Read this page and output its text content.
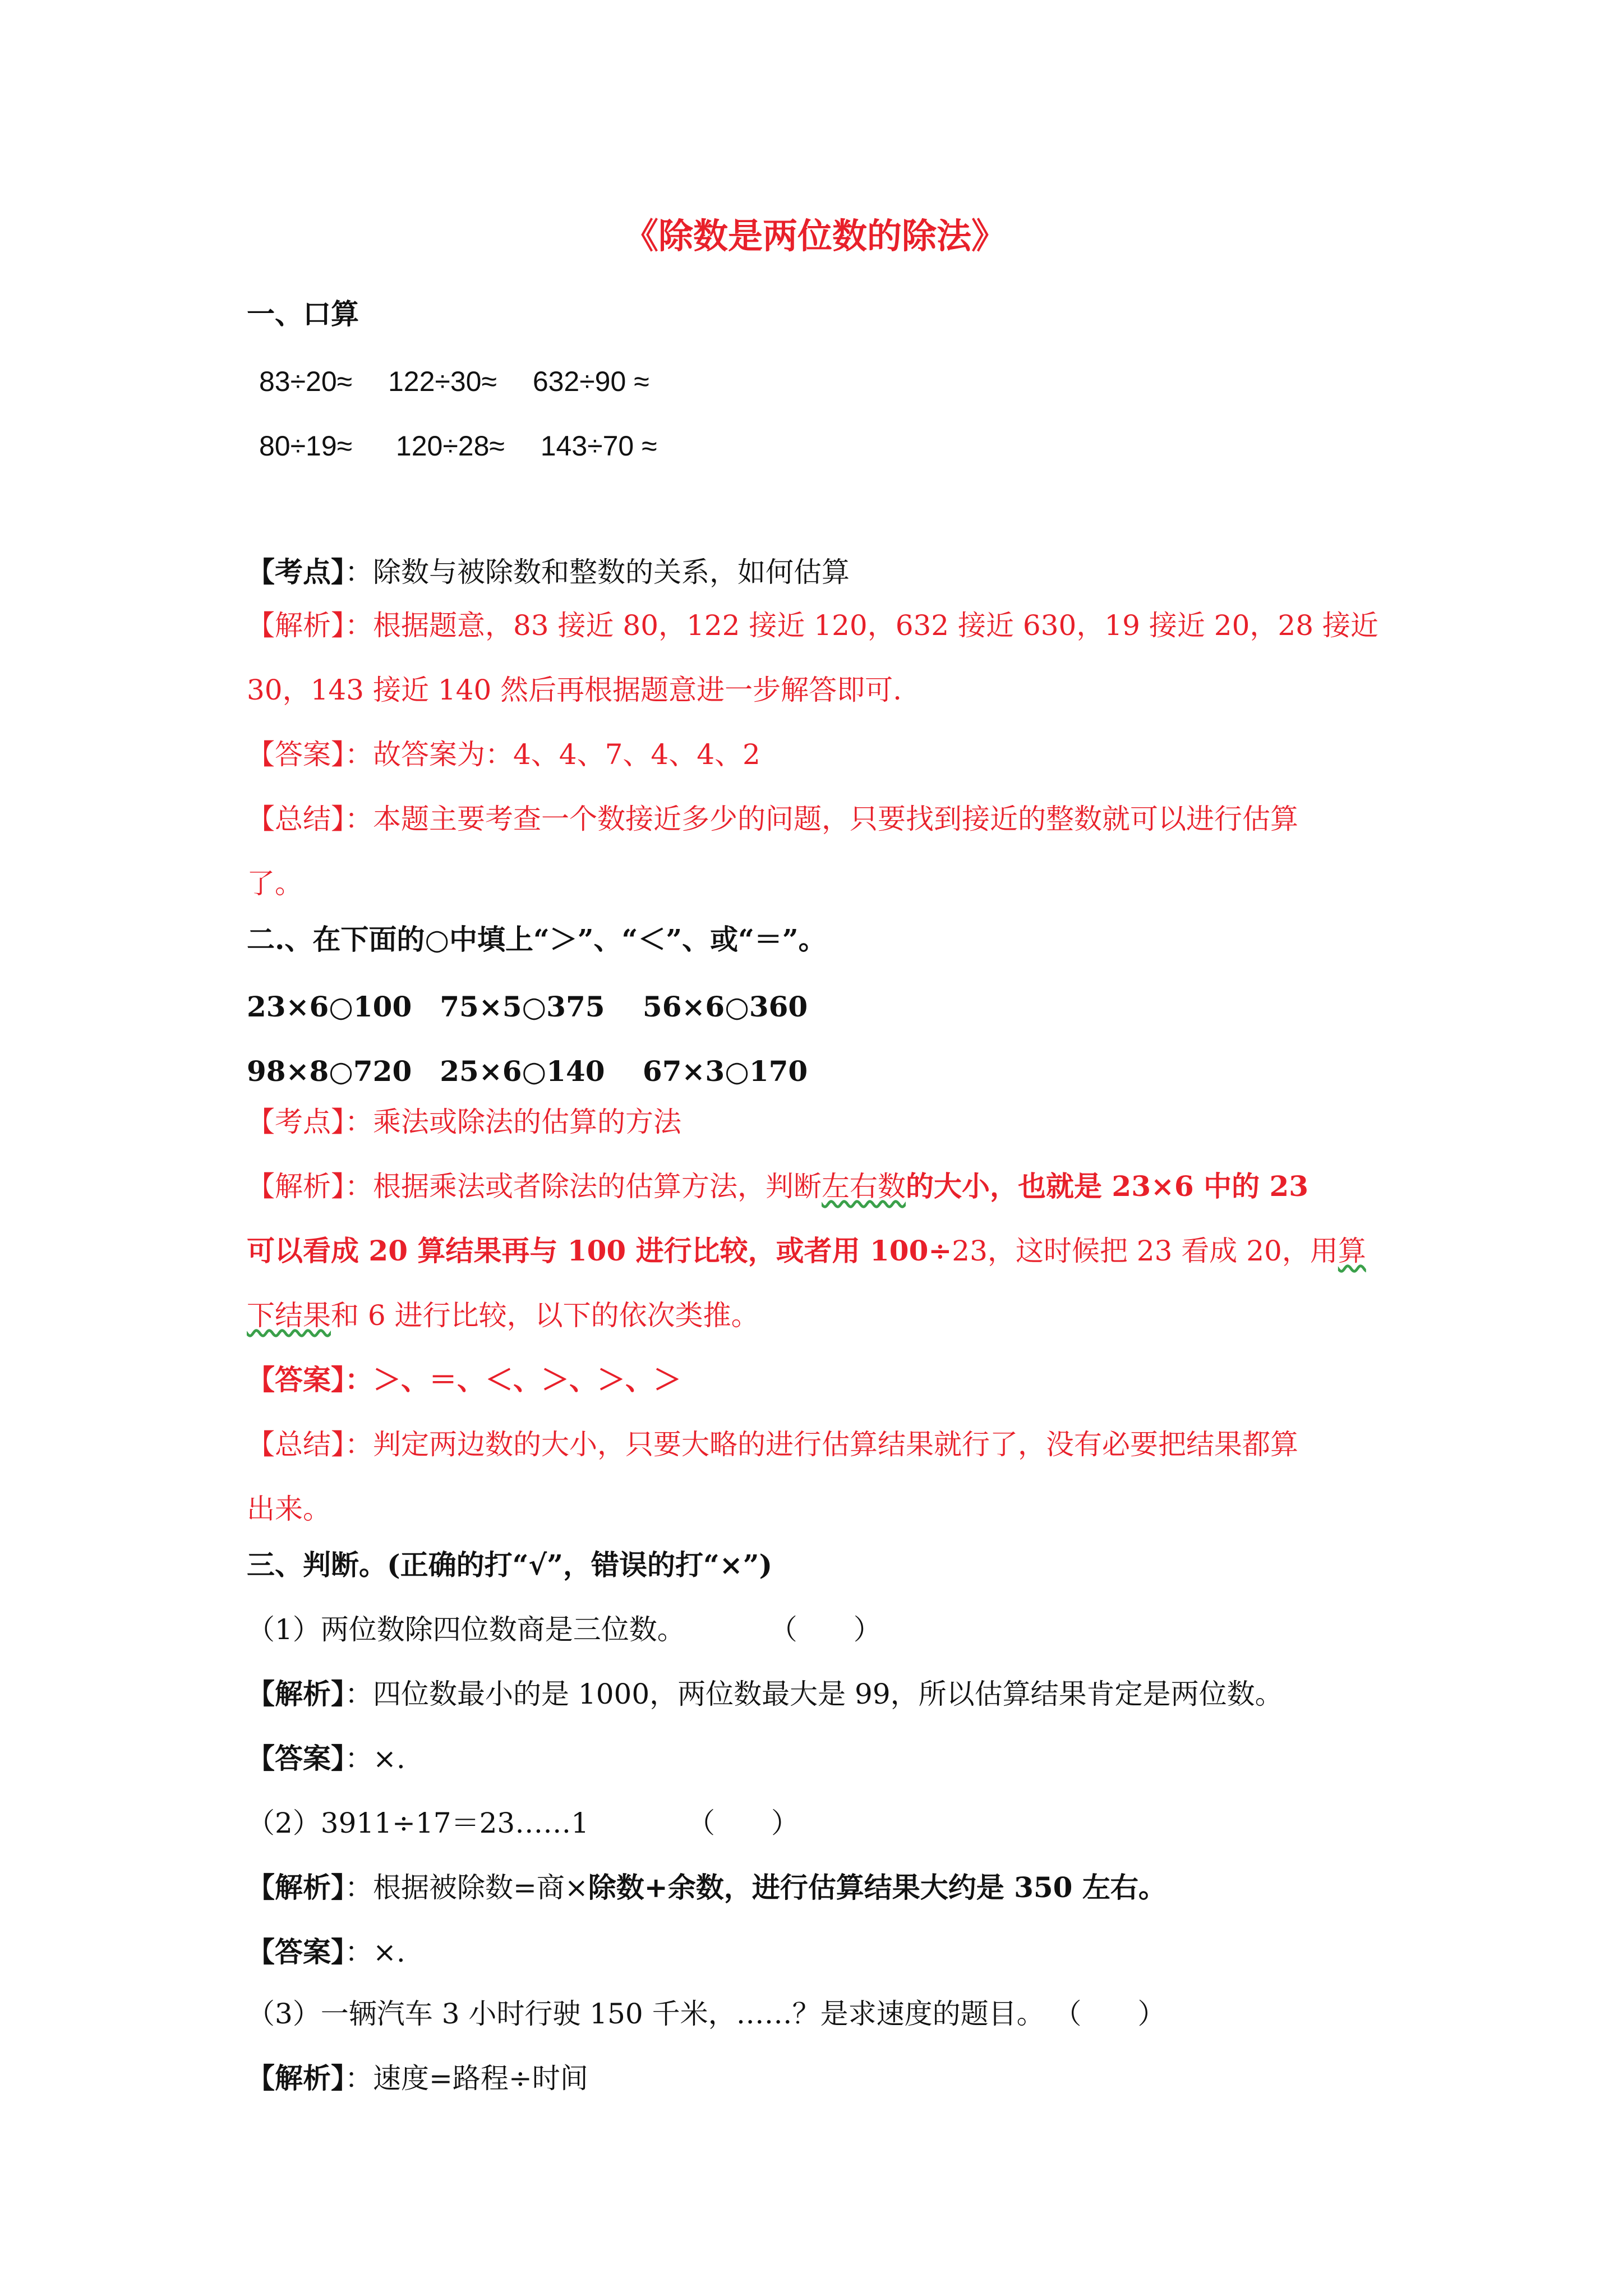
《除数是两位数的除法》
一、口算
83÷20≈　 122÷30≈　 632÷90 ≈
80÷19≈　  120÷28≈　 143÷70 ≈
【考点】：除数与被除数和整数的关系，如何估算
【解析】：根据题意，83 接近 80，122 接近 120，632 接近 630，19 接近 20，28 接近
30，143 接近 140 然后再根据题意进一步解答即可.
【答案】：故答案为：4、4、7、4、4、2
【总结】：本题主要考查一个数接近多少的问题，只要找到接近的整数就可以进行估算
了。
二.、在下面的○中填上“＞”、“＜”、或“＝”。
23×6○100　75×5○375　 56×6○360
98×8○720　25×6○140　 67×3○170
【考点】：乘法或除法的估算的方法
【解析】：根据乘法或者除法的估算方法，判断左右数的大小，也就是 23×6 中的 23
可以看成 20 算结果再与 100 进行比较，或者用 100÷23，这时候把 23 看成 20，用算
下结果和 6 进行比较，以下的依次类推。
【答案】：＞、＝、＜、＞、＞、＞
【总结】：判定两边数的大小，只要大略的进行估算结果就行了，没有必要把结果都算
出来。
三、判断。(正确的打“√”，错误的打“×”)
（1）两位数除四位数商是三位数。　　　　（　　）
【解析】：四位数最小的是 1000，两位数最大是 99，所以估算结果肯定是两位数。
【答案】：×.
（2）3911÷17＝23……1　　　　（　　）
【解析】：根据被除数=商×除数+余数，进行估算结果大约是 350 左右。
【答案】：×.
（3）一辆汽车 3 小时行驶 150 千米，……？是求速度的题目。 （　　）
【解析】：速度=路程÷时间
